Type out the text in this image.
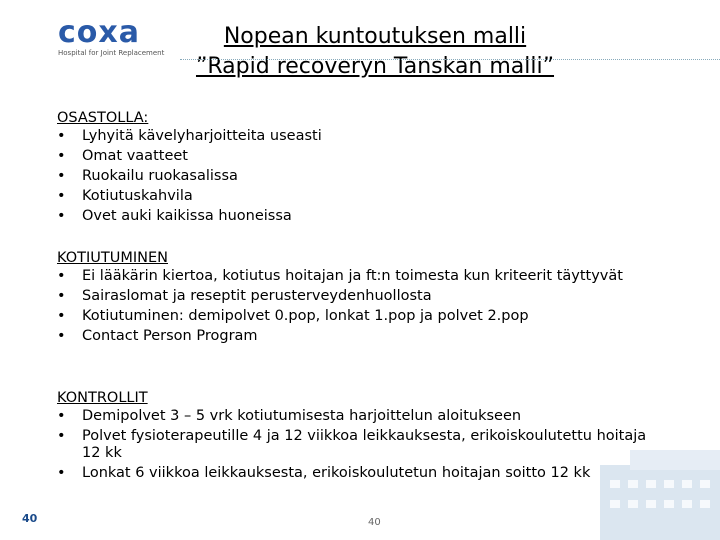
coxa
Hospital for Joint Replacement
Nopean kuntoutuksen malli
”Rapid recoveryn Tanskan malli”
OSASTOLLA:
• Lyhyitä kävelyharjoitteita useasti
• Omat vaatteet
• Ruokailu ruokasalissa
• Kotiutuskahvila
• Ovet auki kaikissa huoneissa
KOTIUTUMINEN
• Ei lääkärin kiertoa, kotiutus hoitajan ja ft:n toimesta kun kriteerit täyttyvät
• Sairaslomat ja reseptit perusterveydenhuollosta
• Kotiutuminen: demipolvet 0.pop, lonkat 1.pop ja polvet 2.pop
• Contact Person Program
KONTROLLIT
• Demipolvet 3 – 5 vrk kotiutumisesta harjoittelun aloitukseen
• Polvet fysioterapeutille 4 ja 12 viikkoa leikkauksesta, erikoiskoulutettu hoitaja 12 kk
• Lonkat 6 viikkoa leikkauksesta, erikoiskoulutetun hoitajan soitto 12 kk
40	40
